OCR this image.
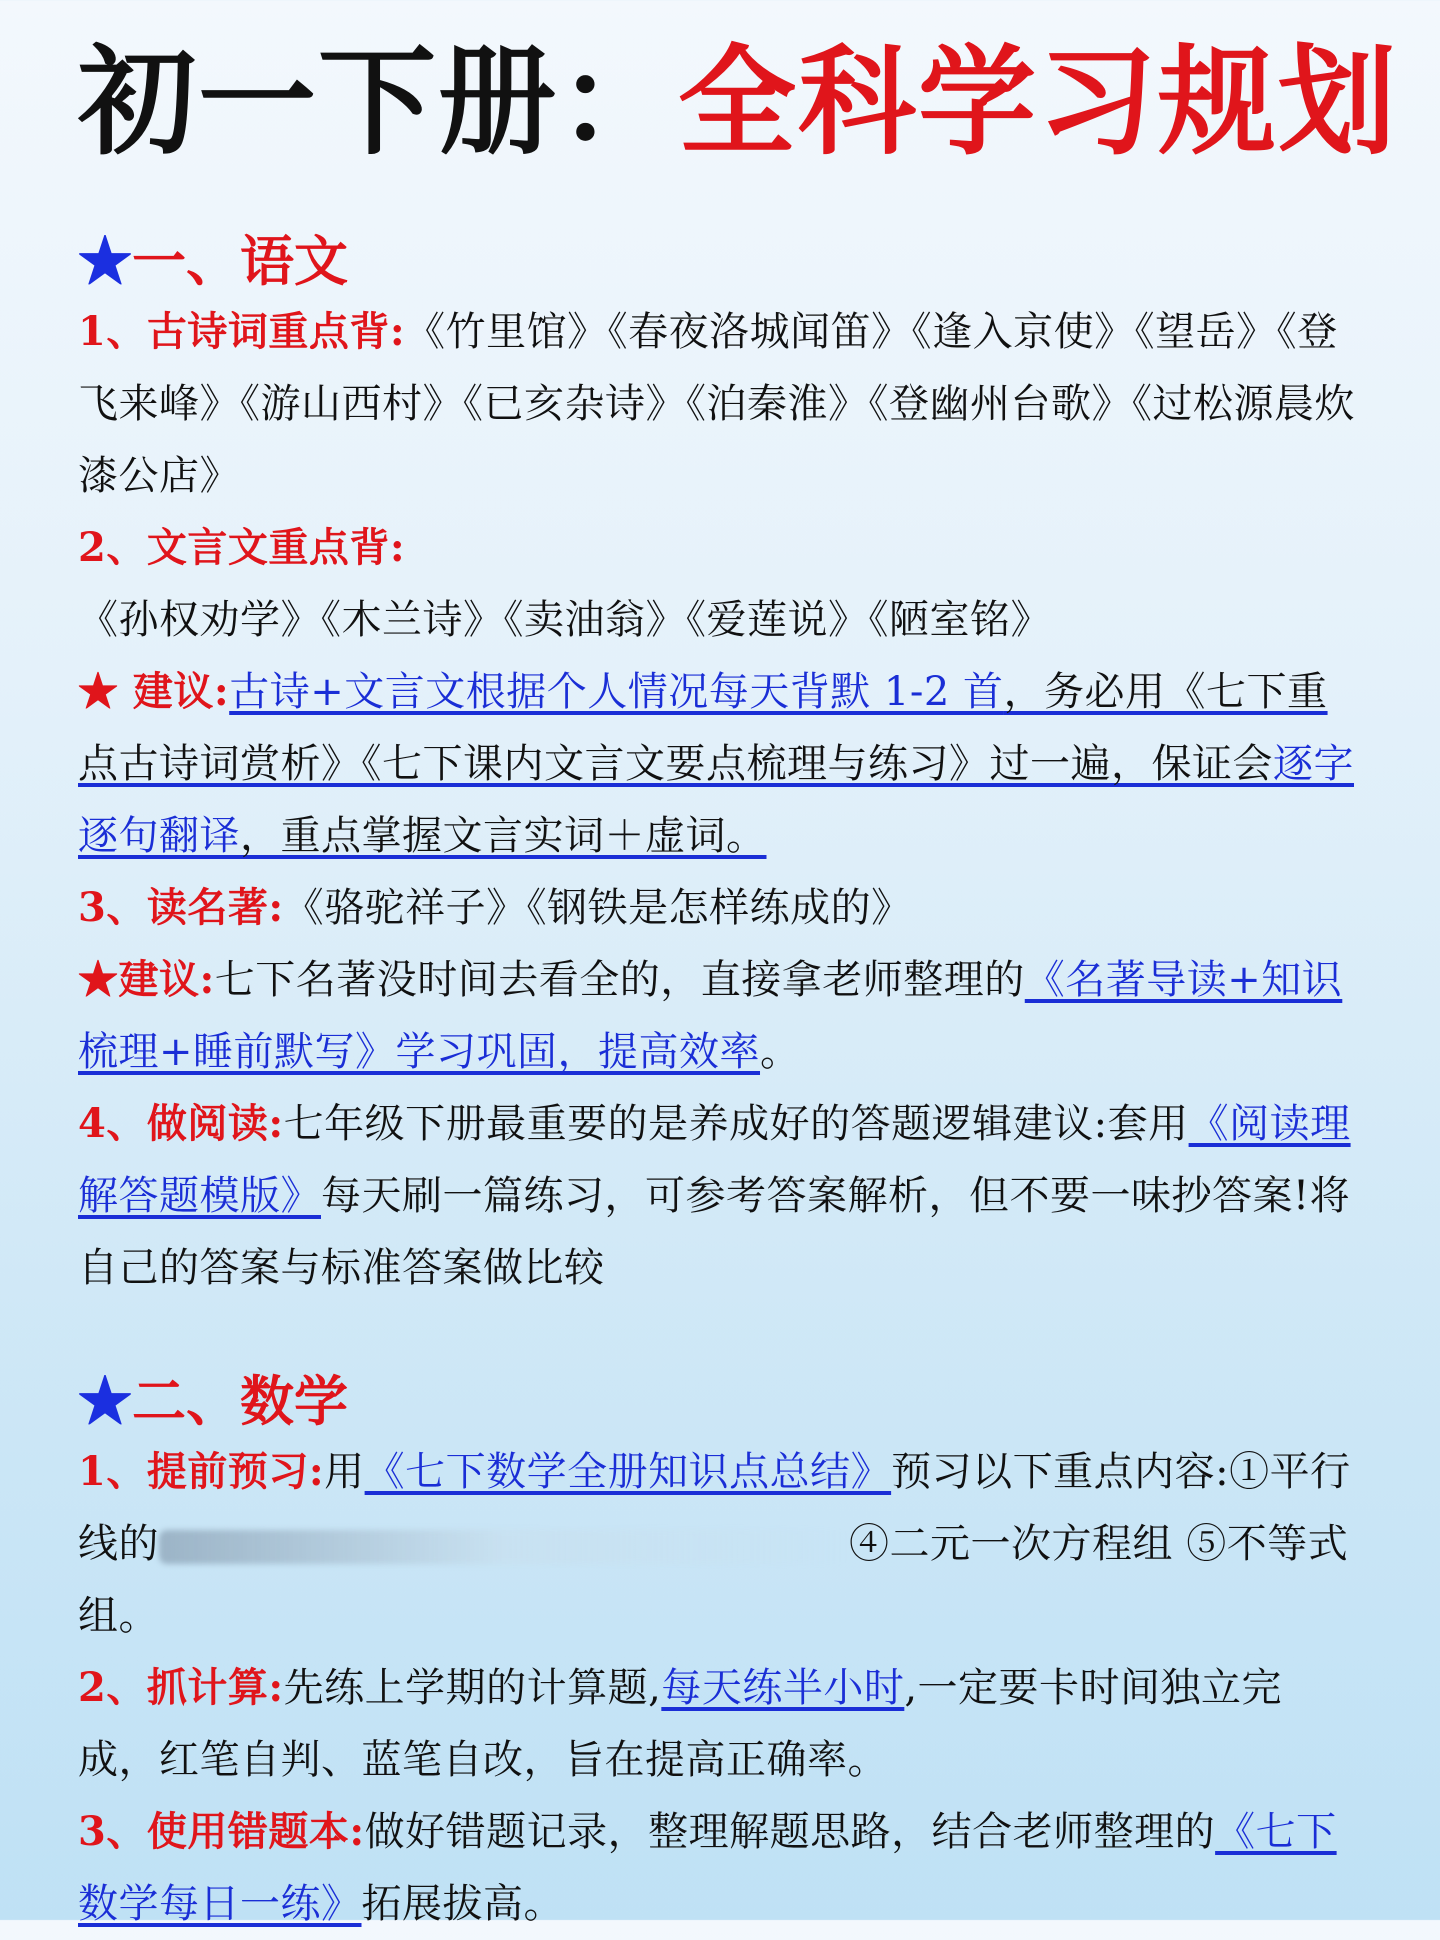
初一下册：全科学习规划
★一、语文

1、古诗词重点背:《竹里馆》《春夜洛城闻笛》《逢入京使》《望岳》《登飞来峰》《游山西村》《已亥杂诗》《泊秦淮》《登幽州台歌》《过松源晨炊漆公店》

2、文言文重点背:《孙权劝学》《木兰诗》《卖油翁》《爱莲说》《陋室铭》

★ 建议:古诗+文言文根据个人情况每天背默 1-2 首，务必用《七下重点古诗词赏析》《七下课内文言文要点梳理与练习》过一遍，保证会逐字逐句翻译，重点掌握文言实词＋虚词。

3、读名著:《骆驼祥子》《钢铁是怎样练成的》

★建议:七下名著没时间去看全的，直接拿老师整理的《名著导读+知识梳理+睡前默写》学习巩固，提高效率。

4、做阅读:七年级下册最重要的是养成好的答题逻辑建议:套用《阅读理解答题模版》每天刷一篇练习，可参考答案解析，但不要一味抄答案!将自己的答案与标准答案做比较

★二、数学

1、提前预习:用《七下数学全册知识点总结》预习以下重点内容:①平行线的	④二元一次方程组 ⑤不等式组。

2、抓计算:先练上学期的计算题,每天练半小时,一定要卡时间独立完成，红笔自判、蓝笔自改，旨在提高正确率。

3、使用错题本:做好错题记录，整理解题思路，结合老师整理的《七下数学每日一练》拓展拔高。
